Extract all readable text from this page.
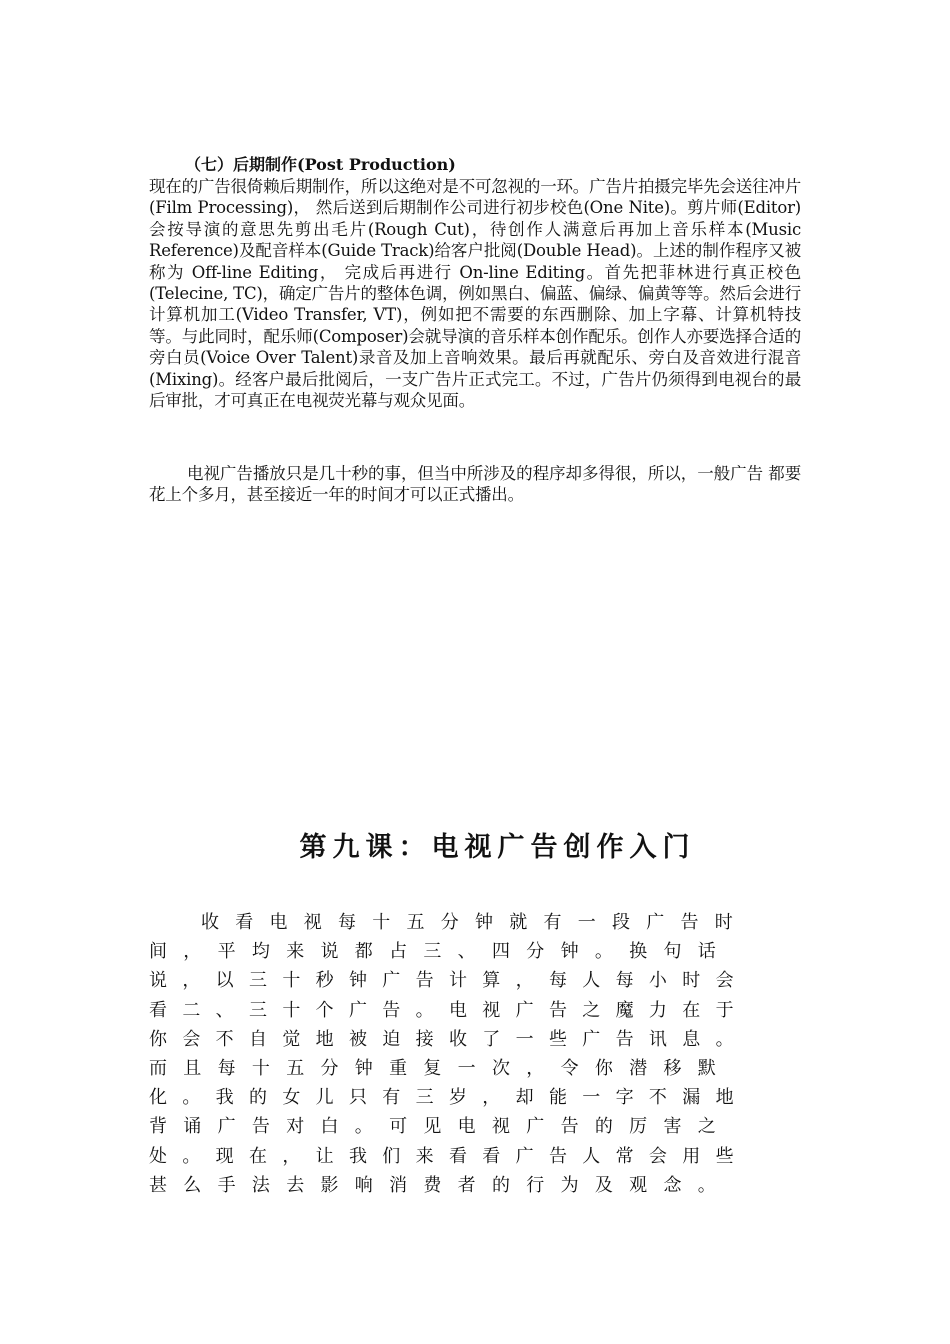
（七）后期制作(Post Production)

现在的广告很倚赖后期制作，所以这绝对是不可忽视的一环。广告片拍摄完毕先会送往冲片(Film Processing)， 然后送到后期制作公司进行初步校色(One Nite)。剪片师(Editor)会按导演的意思先剪出毛片(Rough Cut)，待创作人满意后再加上音乐样本(Music Reference)及配音样本(Guide Track)给客户批阅(Double Head)。上述的制作程序又被称为 Off-line Editing， 完成后再进行 On-line Editing。首先把菲林进行真正校色(Telecine, TC)，确定广告片的整体色调，例如黑白、偏蓝、偏绿、偏黄等等。然后会进行计算机加工(Video Transfer, VT)，例如把不需要的东西删除、加上字幕、计算机特技等。与此同时，配乐师(Composer)会就导演的音乐样本创作配乐。创作人亦要选择合适的旁白员(Voice Over Talent)录音及加上音响效果。最后再就配乐、旁白及音效进行混音(Mixing)。经客户最后批阅后，一支广告片正式完工。不过，广告片仍须得到电视台的最后审批，才可真正在电视荧光幕与观众见面。

电视广告播放只是几十秒的事，但当中所涉及的程序却多得很，所以，一般广告 都要花上个多月，甚至接近一年的时间才可以正式播出。

第九课：电视广告创作入门
收 看 电 视 每 十 五 分 钟 就 有 一 段 广 告 时
间 ， 平 均 来 说 都 占 三 、 四 分 钟 。 换 句 话
说 ， 以 三 十 秒 钟 广 告 计 算 ， 每 人 每 小 时 会
看 二 、 三 十 个 广 告 。 电 视 广 告 之 魔 力 在 于
你 会 不 自 觉 地 被 迫 接 收 了 一 些 广 告 讯 息 。
而 且 每 十 五 分 钟 重 复 一 次 ， 令 你 潜 移 默
化 。 我 的 女 儿 只 有 三 岁 ， 却 能 一 字 不 漏 地
背 诵 广 告 对 白 。 可 见 电 视 广 告 的 厉 害 之
处 。 现 在 ， 让 我 们 来 看 看 广 告 人 常 会 用 些
甚 么 手 法 去 影 响 消 费 者 的 行 为 及 观 念 。
